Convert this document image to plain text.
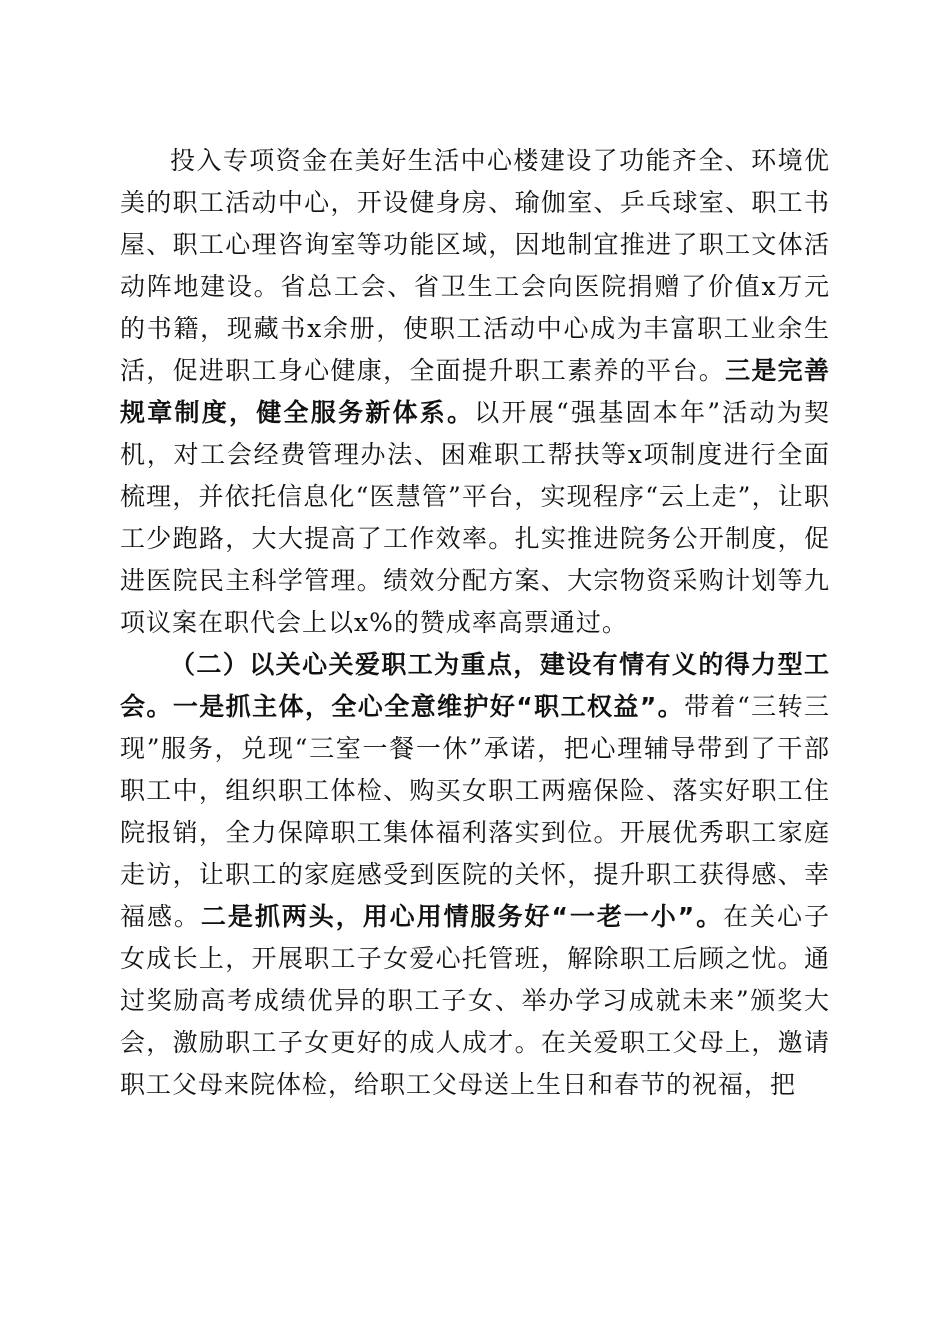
投入专项资金在美好生活中心楼建设了功能齐全、环境优美的职工活动中心，开设健身房、瑜伽室、乒乓球室、职工书屋、职工心理咨询室等功能区域，因地制宜推进了职工文体活动阵地建设。省总工会、省卫生工会向医院捐赠了价值x万元的书籍，现藏书x余册，使职工活动中心成为丰富职工业余生活，促进职工身心健康，全面提升职工素养的平台。三是完善规章制度，健全服务新体系。以开展“强基固本年”活动为契机，对工会经费管理办法、困难职工帮扶等x项制度进行全面梳理，并依托信息化“医慧管”平台，实现程序“云上走”，让职工少跑路，大大提高了工作效率。扎实推进院务公开制度，促进医院民主科学管理。绩效分配方案、大宗物资采购计划等九项议案在职代会上以x%的赞成率高票通过。

（二）以关心关爱职工为重点，建设有情有义的得力型工会。一是抓主体，全心全意维护好“职工权益”。带着“三转三现”服务，兑现“三室一餐一休”承诺，把心理辅导带到了干部职工中，组织职工体检、购买女职工两癌保险、落实好职工住院报销，全力保障职工集体福利落实到位。开展优秀职工家庭走访，让职工的家庭感受到医院的关怀，提升职工获得感、幸福感。二是抓两头，用心用情服务好“一老一小”。在关心子女成长上，开展职工子女爱心托管班，解除职工后顾之忧。通过奖励高考成绩优异的职工子女、举办学习成就未来”颁奖大会，激励职工子女更好的成人成才。在关爱职工父母上，邀请职工父母来院体检，给职工父母送上生日和春节的祝福，把
